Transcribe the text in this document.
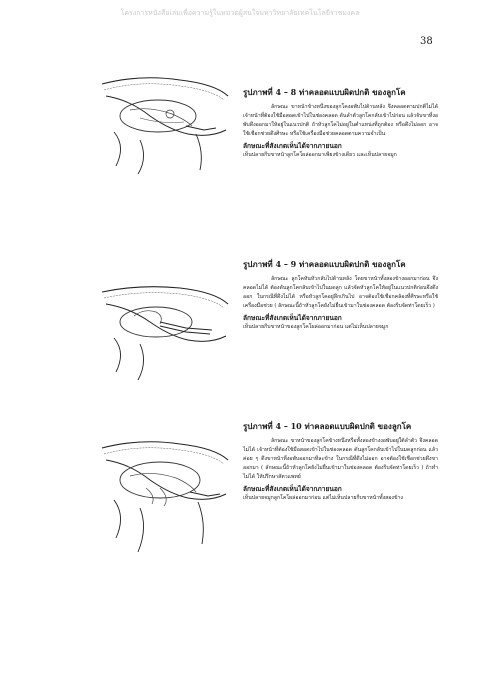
โครงการหนังสือเล่มเพื่อความรู้ในหมวดผู้สนใจมหาวิทยาลัยเทคโนโลยีราชมงคล
38

รูปภาพที่ 4 – 8 ท่าคลอดแบบผิดปกติ ของลูกโค

ลักษณะ ขาหน้าข้างหนึ่งของลูกโคงอพับไปด้านหลัง จึงคลอดตามปกติไม่ได้ เจ้าหน้าที่ต้องใช้มือสอดเข้าไปในช่องคลอด ดันลำตัวลูกโคกลับเข้าไปก่อน แล้วจับขาที่งอพับดึงออกมาให้อยู่ในแนวปกติ ถ้าหัวลูกโคไม่อยู่ในตำแหน่งที่ถูกต้อง หรือดึงไม่ออก อาจใช้เชือกช่วยดึงศีรษะ หรือใช้เครื่องมือช่วยคลอดตามความจำเป็น

ลักษณะที่สังเกตเห็นได้จากภายนอก

เห็นปลายกีบขาหน้าลูกโคโผล่ออกมาเพียงข้างเดียว และเห็นปลายจมูก

รูปภาพที่ 4 – 9 ท่าคลอดแบบผิดปกติ ของลูกโค

ลักษณะ ลูกโคหันหัวกลับไปด้านหลัง โดยขาหน้าทั้งสองข้างออกมาก่อน จึงคลอดไม่ได้ ต้องดันลูกโคกลับเข้าไปในมดลูก แล้วจัดหัวลูกโคให้อยู่ในแนวปกติก่อนจึงดึงออก ในกรณีที่ดึงไม่ได้ หรือหัวลูกโคอยู่ลึกเกินไป อาจต้องใช้เชือกคล้องที่ศีรษะหรือใช้เครื่องมือช่วย ( ลักษณะนี้ถ้าหัวลูกโคยังไม่ยื่นเข้ามาในช่องคลอด ต้องรีบจัดท่าโดยเร็ว )

ลักษณะที่สังเกตเห็นได้จากภายนอก

เห็นปลายกีบขาหน้าของลูกโคโผล่ออกมาก่อน แต่ไม่เห็นปลายจมูก

รูปภาพที่ 4 – 10 ท่าคลอดแบบผิดปกติ ของลูกโค

ลักษณะ ขาหน้าของลูกโคข้างหนึ่งหรือทั้งสองข้างงอพับอยู่ใต้ลำตัว จึงคลอดไม่ได้ เจ้าหน้าที่ต้องใช้มือสอดเข้าไปในช่องคลอด ดันลูกโคกลับเข้าไปในมดลูกก่อน แล้วค่อย ๆ ดึงขาหน้าที่งอพับออกมาทีละข้าง ในกรณีที่ดึงไม่ออก อาจต้องใช้เชือกช่วยดึงขาออกมา ( ลักษณะนี้ถ้าหัวลูกโคยังไม่ยื่นเข้ามาในช่องคลอด ต้องรีบจัดท่าโดยเร็ว ) ถ้าทำไม่ได้ ให้ปรึกษาสัตวแพทย์

ลักษณะที่สังเกตเห็นได้จากภายนอก

เห็นปลายจมูกลูกโคโผล่ออกมาก่อน แต่ไม่เห็นปลายกีบขาหน้าทั้งสองข้าง
